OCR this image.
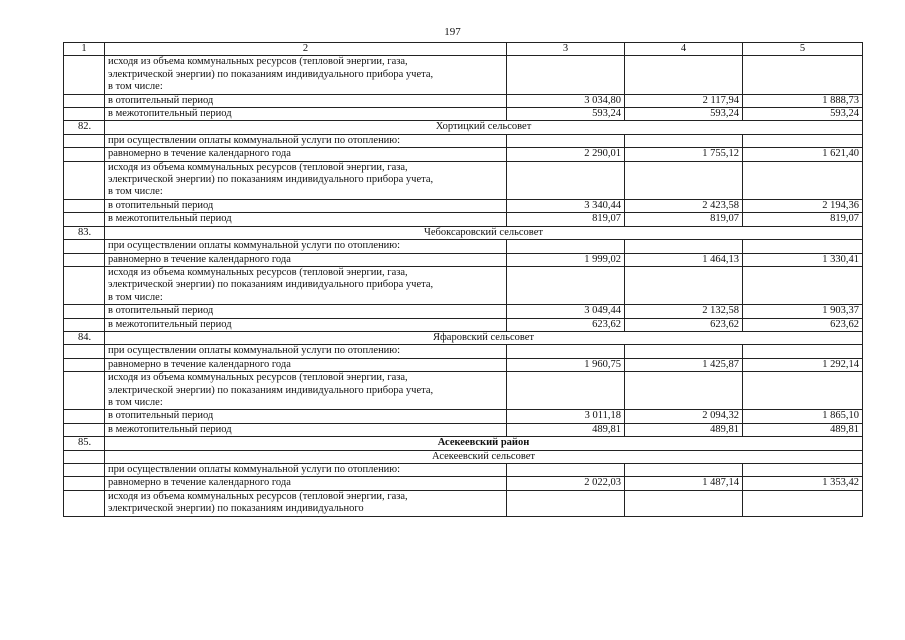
197
1	2	3	4	5
	исходя из объема коммунальных ресурсов (тепловой энергии, газа, электрической энергии) по показаниям индивидуального прибора учета, в том числе:			
	в отопительный период	3 034,80	2 117,94	1 888,73
	в межотопительный период	593,24	593,24	593,24
82.	Хортицкий сельсовет			
	при осуществлении оплаты коммунальной услуги по отоплению:			
	равномерно в течение календарного года	2 290,01	1 755,12	1 621,40
	исходя из объема коммунальных ресурсов (тепловой энергии, газа, электрической энергии) по показаниям индивидуального прибора учета, в том числе:			
	в отопительный период	3 340,44	2 423,58	2 194,36
	в межотопительный период	819,07	819,07	819,07
83.	Чебоксаровский сельсовет			
	при осуществлении оплаты коммунальной услуги по отоплению:			
	равномерно в течение календарного года	1 999,02	1 464,13	1 330,41
	исходя из объема коммунальных ресурсов (тепловой энергии, газа, электрической энергии) по показаниям индивидуального прибора учета, в том числе:			
	в отопительный период	3 049,44	2 132,58	1 903,37
	в межотопительный период	623,62	623,62	623,62
84.	Яфаровский сельсовет			
	при осуществлении оплаты коммунальной услуги по отоплению:			
	равномерно в течение календарного года	1 960,75	1 425,87	1 292,14
	исходя из объема коммунальных ресурсов (тепловой энергии, газа, электрической энергии) по показаниям индивидуального прибора учета, в том числе:			
	в отопительный период	3 011,18	2 094,32	1 865,10
	в межотопительный период	489,81	489,81	489,81
85.	Асекеевский район			
	Асекеевский сельсовет			
	при осуществлении оплаты коммунальной услуги по отоплению:			
	равномерно в течение календарного года	2 022,03	1 487,14	1 353,42
	исходя из объема коммунальных ресурсов (тепловой энергии, газа, электрической энергии) по показаниям индивидуального			
